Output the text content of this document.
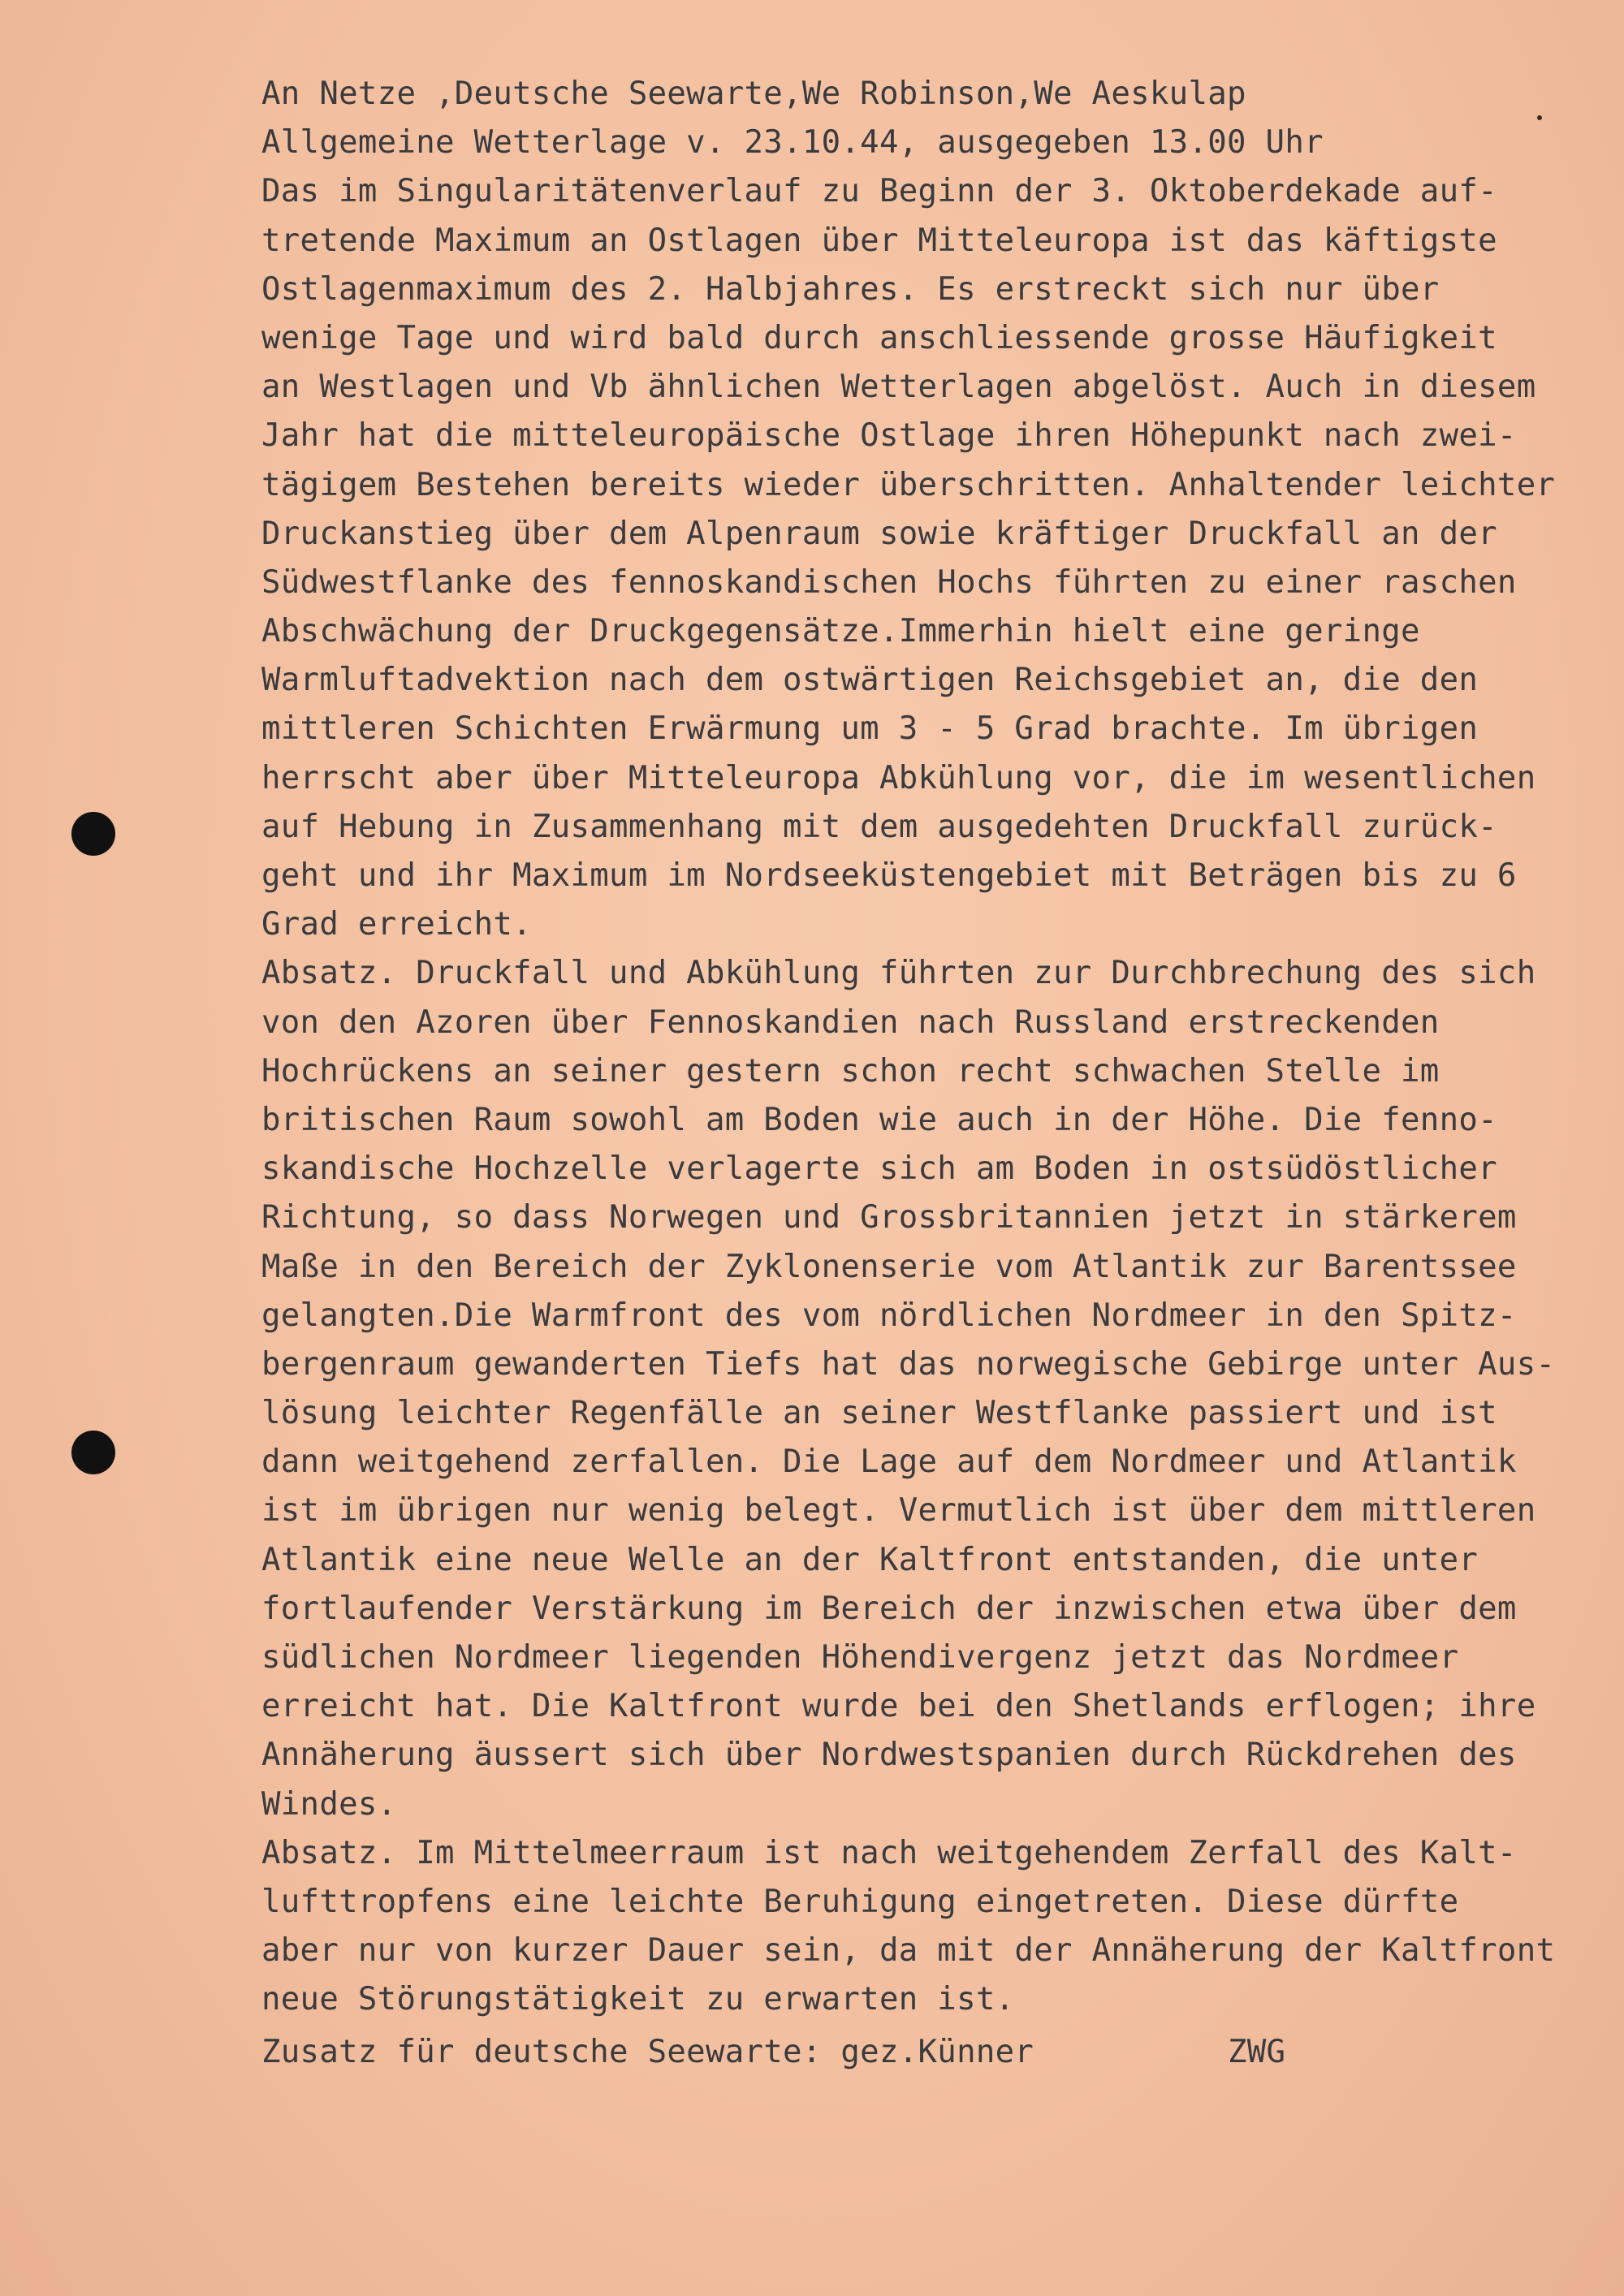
An Netze ,Deutsche Seewarte,We Robinson,We Aeskulap

Allgemeine Wetterlage v. 23.10.44, ausgegeben 13.00 Uhr

Das im Singularitätenverlauf zu Beginn der 3. Oktoberdekade auf-

tretende Maximum an Ostlagen über Mitteleuropa ist das käftigste

Ostlagenmaximum des 2. Halbjahres. Es erstreckt sich nur über

wenige Tage und wird bald durch anschliessende grosse Häufigkeit

an Westlagen und Vb ähnlichen Wetterlagen abgelöst. Auch in diesem

Jahr hat die mitteleuropäische Ostlage ihren Höhepunkt nach zwei-

tägigem Bestehen bereits wieder überschritten. Anhaltender leichter

Druckanstieg über dem Alpenraum sowie kräftiger Druckfall an der

Südwestflanke des fennoskandischen Hochs führten zu einer raschen

Abschwächung der Druckgegensätze.Immerhin hielt eine geringe

Warmluftadvektion nach dem ostwärtigen Reichsgebiet an, die den

mittleren Schichten Erwärmung um 3 - 5 Grad brachte. Im übrigen

herrscht aber über Mitteleuropa Abkühlung vor, die im wesentlichen

auf Hebung in Zusammenhang mit dem ausgedehten Druckfall zurück-

geht und ihr Maximum im Nordseeküstengebiet mit Beträgen bis zu 6

Grad erreicht.

Absatz. Druckfall und Abkühlung führten zur Durchbrechung des sich

von den Azoren über Fennoskandien nach Russland erstreckenden

Hochrückens an seiner gestern schon recht schwachen Stelle im

britischen Raum sowohl am Boden wie auch in der Höhe. Die fenno-

skandische Hochzelle verlagerte sich am Boden in ostsüdöstlicher

Richtung, so dass Norwegen und Grossbritannien jetzt in stärkerem

Maße in den Bereich der Zyklonenserie vom Atlantik zur Barentssee

gelangten.Die Warmfront des vom nördlichen Nordmeer in den Spitz-

bergenraum gewanderten Tiefs hat das norwegische Gebirge unter Aus-

lösung leichter Regenfälle an seiner Westflanke passiert und ist

dann weitgehend zerfallen. Die Lage auf dem Nordmeer und Atlantik

ist im übrigen nur wenig belegt. Vermutlich ist über dem mittleren

Atlantik eine neue Welle an der Kaltfront entstanden, die unter

fortlaufender Verstärkung im Bereich der inzwischen etwa über dem

südlichen Nordmeer liegenden Höhendivergenz jetzt das Nordmeer

erreicht hat. Die Kaltfront wurde bei den Shetlands erflogen; ihre

Annäherung äussert sich über Nordwestspanien durch Rückdrehen des

Windes.

Absatz. Im Mittelmeerraum ist nach weitgehendem Zerfall des Kalt-

lufttropfens eine leichte Beruhigung eingetreten. Diese dürfte

aber nur von kurzer Dauer sein, da mit der Annäherung der Kaltfront

neue Störungstätigkeit zu erwarten ist.

Zusatz für deutsche Seewarte: gez.Künner	ZWG
